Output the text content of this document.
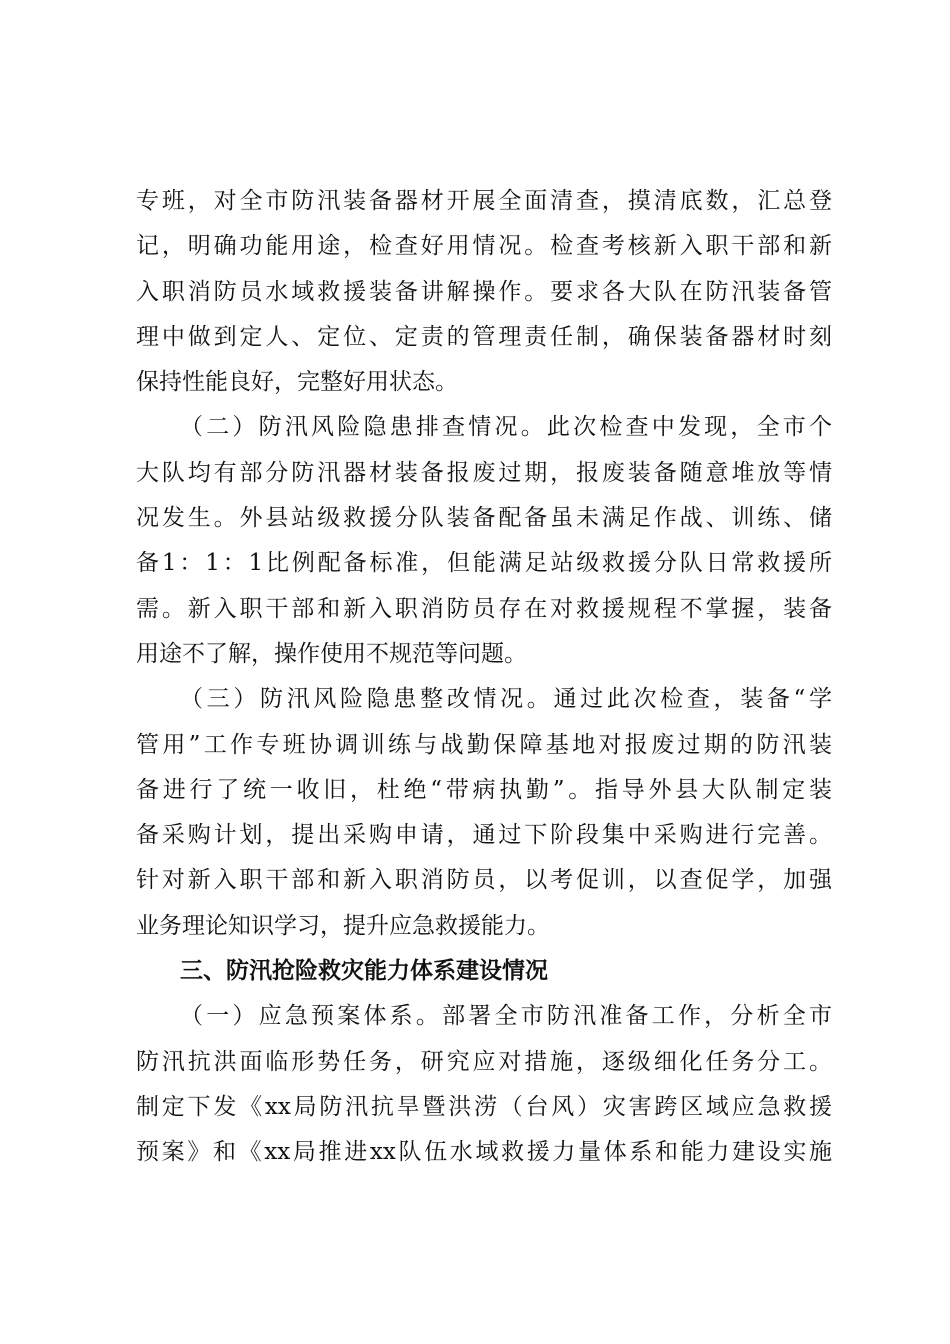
专班，对全市防汛装备器材开展全面清查，摸清底数，汇总登
记，明确功能用途，检查好用情况。检查考核新入职干部和新
入职消防员水域救援装备讲解操作。要求各大队在防汛装备管
理中做到定人、定位、定责的管理责任制，确保装备器材时刻
保持性能良好，完整好用状态。
（二）防汛风险隐患排查情况。此次检查中发现，全市个
大队均有部分防汛器材装备报废过期，报废装备随意堆放等情
况发生。外县站级救援分队装备配备虽未满足作战、训练、储
备1：1：1比例配备标准，但能满足站级救援分队日常救援所
需。新入职干部和新入职消防员存在对救援规程不掌握，装备
用途不了解，操作使用不规范等问题。
（三）防汛风险隐患整改情况。通过此次检查，装备“学
管用”工作专班协调训练与战勤保障基地对报废过期的防汛装
备进行了统一收旧，杜绝“带病执勤”。指导外县大队制定装
备采购计划，提出采购申请，通过下阶段集中采购进行完善。
针对新入职干部和新入职消防员，以考促训，以查促学，加强
业务理论知识学习，提升应急救援能力。
三、防汛抢险救灾能力体系建设情况
（一）应急预案体系。部署全市防汛准备工作，分析全市
防汛抗洪面临形势任务，研究应对措施，逐级细化任务分工。
制定下发《xx局防汛抗旱暨洪涝（台风）灾害跨区域应急救援
预案》和《xx局推进xx队伍水域救援力量体系和能力建设实施
